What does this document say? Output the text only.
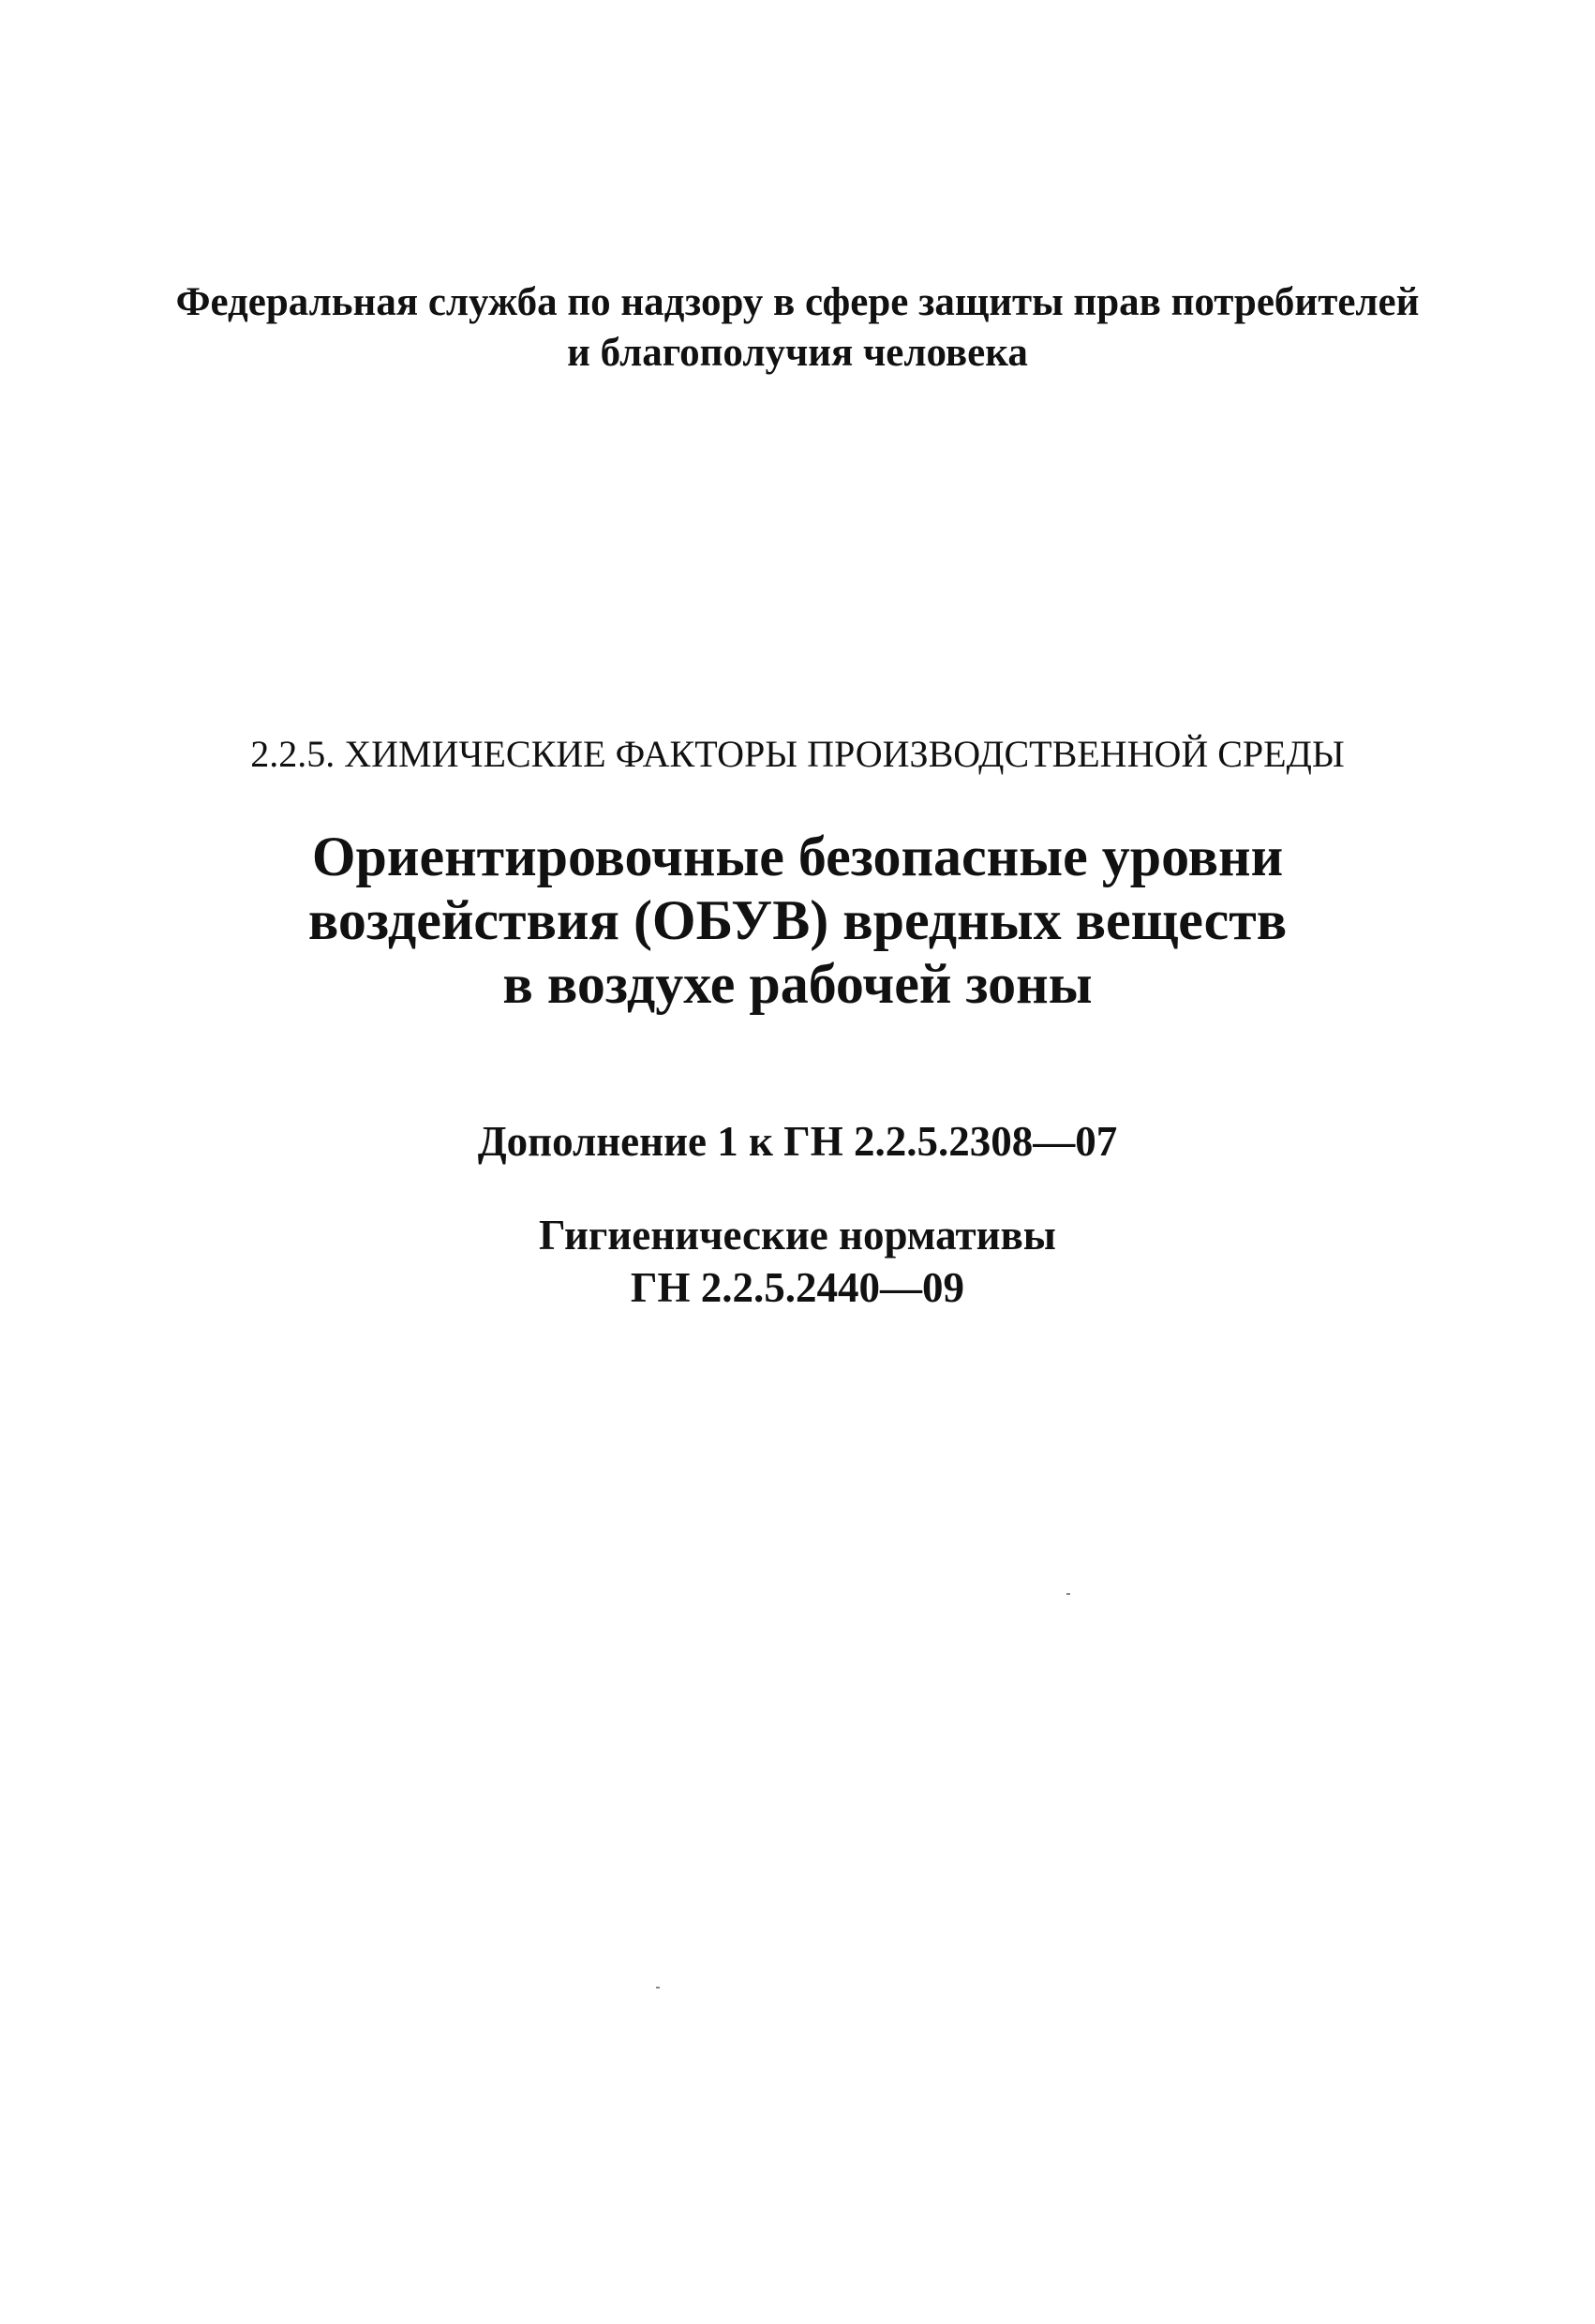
Федеральная служба по надзору в сфере защиты прав потребителей
и благополучия человека
2.2.5. ХИМИЧЕСКИЕ ФАКТОРЫ ПРОИЗВОДСТВЕННОЙ СРЕДЫ
Ориентировочные безопасные уровни
воздействия (ОБУВ) вредных веществ
в воздухе рабочей зоны
Дополнение 1 к ГН 2.2.5.2308—07
Гигиенические нормативы
ГН 2.2.5.2440—09
